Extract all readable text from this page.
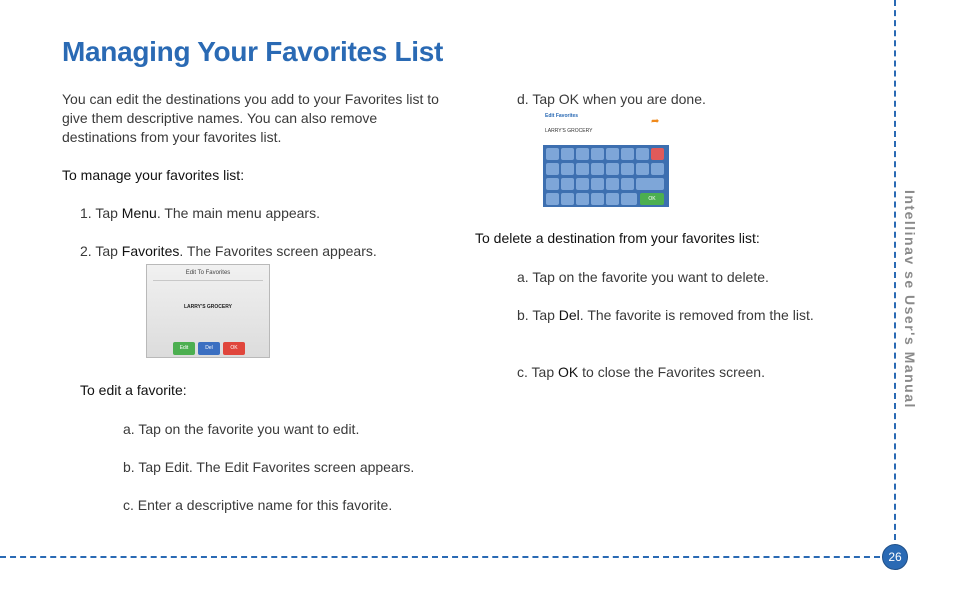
Managing Your Favorites List
You can edit the destinations you add to your Favorites list to give them descriptive names. You can also remove destinations from your favorites list.
To manage your favorites list:
1. Tap Menu. The main menu appears.
2. Tap Favorites. The Favorites screen appears.
Edit To Favorites
LARRY'S GROCERY
Edit	Del	OK
To edit a favorite:
a. Tap on the favorite you want to edit.
b. Tap Edit. The Edit Favorites screen appears.
c. Enter a descriptive name for this favorite.
d. Tap OK when you are done.
Edit Favorites	➦
LARRY'S GROCERY
OK
To delete a destination from your favorites list:
a. Tap on the favorite you want to delete.
b. Tap Del. The favorite is removed from the list.
c. Tap OK to close the Favorites screen.	Intellinav se User's Manual
26
